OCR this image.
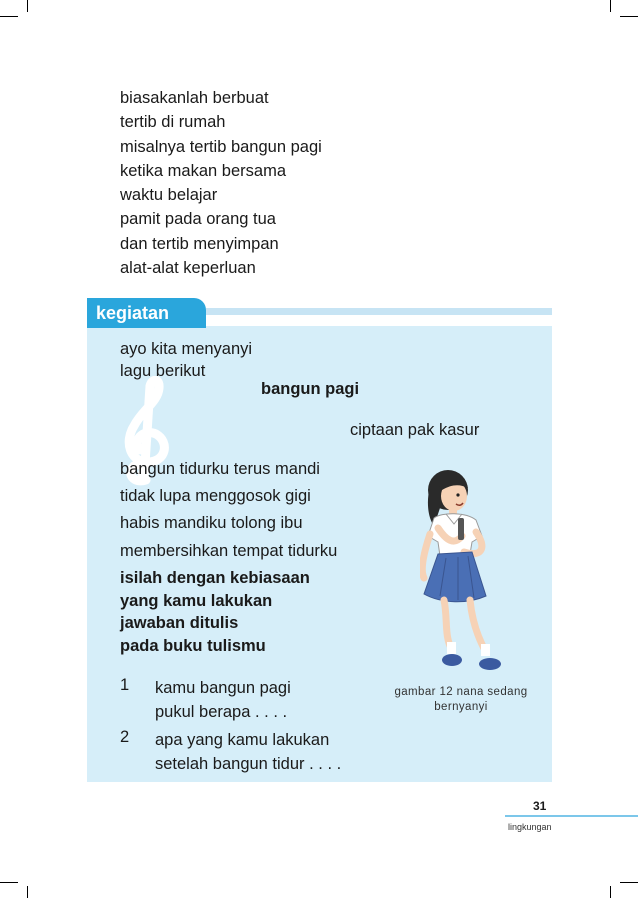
biasakanlah berbuat
tertib di rumah
misalnya tertib bangun pagi
ketika makan bersama
waktu belajar
pamit pada orang tua
dan tertib menyimpan
alat-alat keperluan
kegiatan
ayo kita menyanyi
lagu berikut
bangun pagi
ciptaan pak kasur
bangun tidurku terus mandi
tidak lupa menggosok gigi
habis mandiku tolong ibu
membersihkan tempat tidurku
isilah dengan kebiasaan
yang kamu lakukan
jawaban ditulis
pada buku tulismu
1 kamu bangun pagi
pukul berapa . . . .
2 apa yang kamu lakukan
setelah bangun tidur . . . .
gambar 12 nana sedang bernyanyi
31
lingkungan
